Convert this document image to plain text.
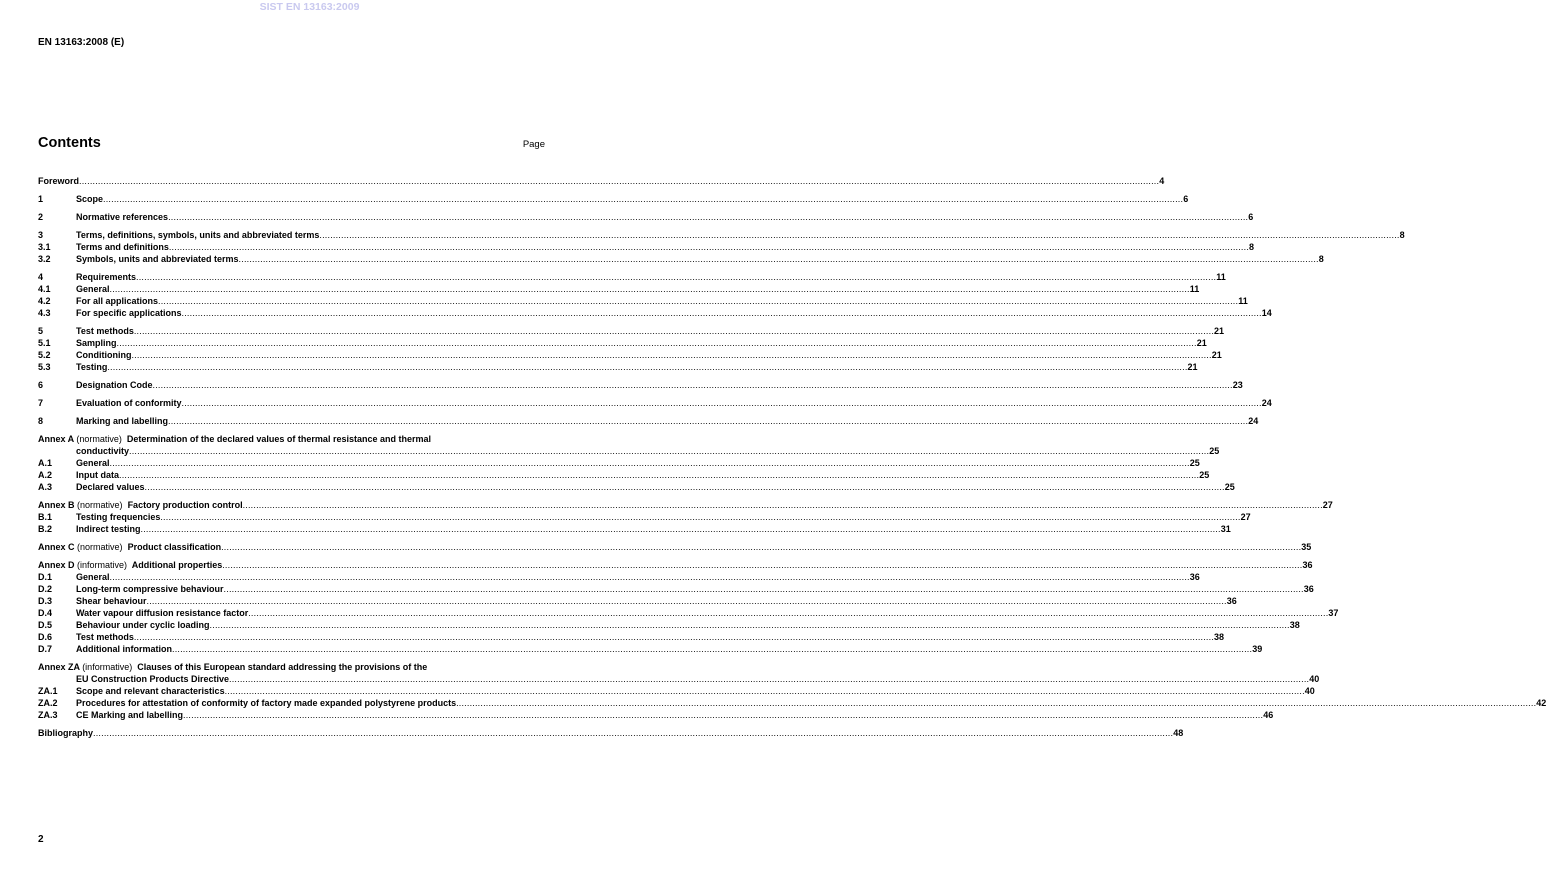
SIST EN 13163:2009
EN 13163:2008 (E)
Contents	Page
Foreword ................................................................................................................................................................................................................................................................................................................................................................................................................ 4
1	Scope ................................................................................................................................................................................................................................................................................................................................................................................................................ 6
2	Normative references ................................................................................................................................................................................................................................................................................................................................................................................................................ 6
3	Terms, definitions, symbols, units and abbreviated terms ................................................................................................................................................................................................................................................................................................................................................................................................................ 8
3.1	Terms and definitions ................................................................................................................................................................................................................................................................................................................................................................................................................ 8
3.2	Symbols, units and abbreviated terms ................................................................................................................................................................................................................................................................................................................................................................................................................ 8
4	Requirements ................................................................................................................................................................................................................................................................................................................................................................................................................ 11
4.1	General ................................................................................................................................................................................................................................................................................................................................................................................................................ 11
4.2	For all applications ................................................................................................................................................................................................................................................................................................................................................................................................................ 11
4.3	For specific applications ................................................................................................................................................................................................................................................................................................................................................................................................................ 14
5	Test methods ................................................................................................................................................................................................................................................................................................................................................................................................................ 21
5.1	Sampling ................................................................................................................................................................................................................................................................................................................................................................................................................ 21
5.2	Conditioning ................................................................................................................................................................................................................................................................................................................................................................................................................ 21
5.3	Testing ................................................................................................................................................................................................................................................................................................................................................................................................................ 21
6	Designation Code ................................................................................................................................................................................................................................................................................................................................................................................................................ 23
7	Evaluation of conformity ................................................................................................................................................................................................................................................................................................................................................................................................................ 24
8	Marking and labelling ................................................................................................................................................................................................................................................................................................................................................................................................................ 24
Annex A (normative) Determination of the declared values of thermal resistance and thermal
conductivity ................................................................................................................................................................................................................................................................................................................................................................................................................ 25
A.1	General ................................................................................................................................................................................................................................................................................................................................................................................................................ 25
A.2	Input data ................................................................................................................................................................................................................................................................................................................................................................................................................ 25
A.3	Declared values ................................................................................................................................................................................................................................................................................................................................................................................................................ 25
Annex B (normative) Factory production control ................................................................................................................................................................................................................................................................................................................................................................................................................ 27
B.1	Testing frequencies ................................................................................................................................................................................................................................................................................................................................................................................................................ 27
B.2	Indirect testing ................................................................................................................................................................................................................................................................................................................................................................................................................ 31
Annex C (normative) Product classification ................................................................................................................................................................................................................................................................................................................................................................................................................ 35
Annex D (informative) Additional properties ................................................................................................................................................................................................................................................................................................................................................................................................................ 36
D.1	General ................................................................................................................................................................................................................................................................................................................................................................................................................ 36
D.2	Long-term compressive behaviour ................................................................................................................................................................................................................................................................................................................................................................................................................ 36
D.3	Shear behaviour ................................................................................................................................................................................................................................................................................................................................................................................................................ 36
D.4	Water vapour diffusion resistance factor ................................................................................................................................................................................................................................................................................................................................................................................................................ 37
D.5	Behaviour under cyclic loading ................................................................................................................................................................................................................................................................................................................................................................................................................ 38
D.6	Test methods ................................................................................................................................................................................................................................................................................................................................................................................................................ 38
D.7	Additional information ................................................................................................................................................................................................................................................................................................................................................................................................................ 39
Annex ZA (informative) Clauses of this European standard addressing the provisions of the
EU Construction Products Directive ................................................................................................................................................................................................................................................................................................................................................................................................................ 40
ZA.1	Scope and relevant characteristics ................................................................................................................................................................................................................................................................................................................................................................................................................ 40
ZA.2	Procedures for attestation of conformity of factory made expanded polystyrene products ................................................................................................................................................................................................................................................................................................................................................................................................................ 42
ZA.3	CE Marking and labelling ................................................................................................................................................................................................................................................................................................................................................................................................................ 46
Bibliography ................................................................................................................................................................................................................................................................................................................................................................................................................ 48
2
